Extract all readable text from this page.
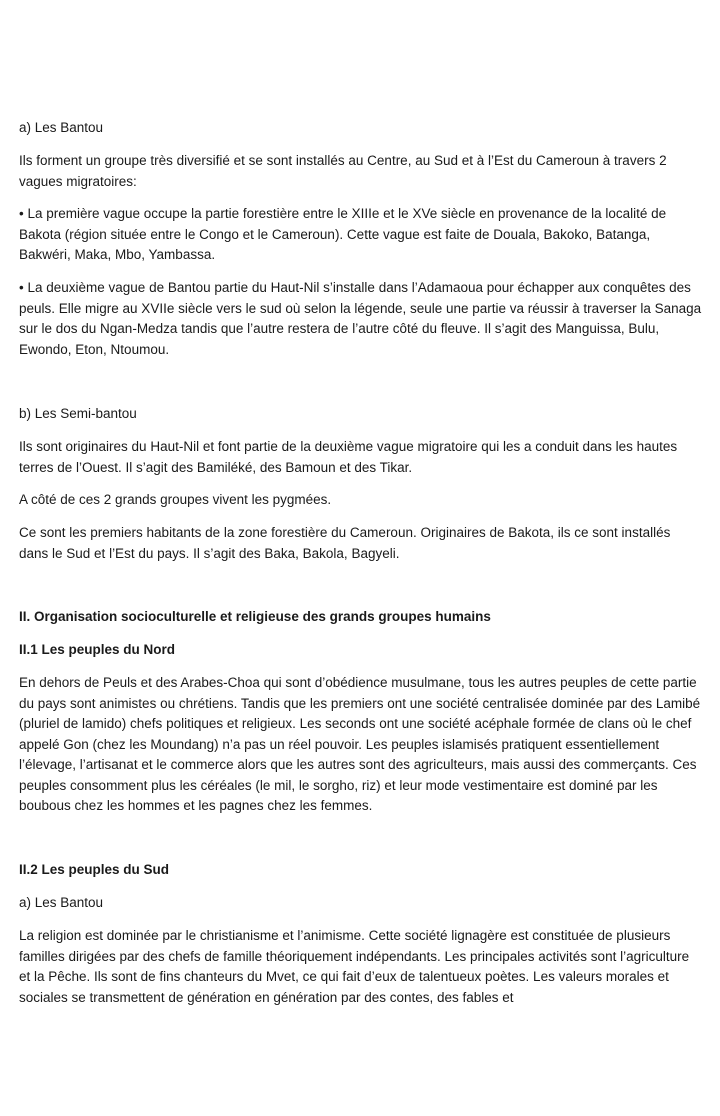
a) Les Bantou

Ils forment un groupe très diversifié et se sont installés au Centre, au Sud et à l’Est du Cameroun à travers 2 vagues migratoires:

• La première vague occupe la partie forestière entre le XIIIe et le XVe siècle en provenance de la localité de Bakota (région située entre le Congo et le Cameroun). Cette vague est faite de Douala, Bakoko, Batanga, Bakwéri, Maka, Mbo, Yambassa.

• La deuxième vague de Bantou partie du Haut-Nil s’installe dans l’Adamaoua pour échapper aux conquêtes des peuls. Elle migre au XVIIe siècle vers le sud où selon la légende, seule une partie va réussir à traverser la Sanaga sur le dos du Ngan-Medza tandis que l’autre restera de l’autre côté du fleuve. Il s’agit des Manguissa, Bulu, Ewondo, Eton, Ntoumou.

b) Les Semi-bantou

Ils sont originaires du Haut-Nil et font partie de la deuxième vague migratoire qui les a conduit dans les hautes terres de l’Ouest. Il s’agit des Bamiléké, des Bamoun et des Tikar.

A côté de ces 2 grands groupes vivent les pygmées.

Ce sont les premiers habitants de la zone forestière du Cameroun. Originaires de Bakota, ils ce sont installés dans le Sud et l’Est du pays. Il s’agit des Baka, Bakola, Bagyeli.

II. Organisation socioculturelle et religieuse des grands groupes humains

II.1 Les peuples du Nord

En dehors de Peuls et des Arabes-Choa qui sont d’obédience musulmane, tous les autres peuples de cette partie du pays sont animistes ou chrétiens. Tandis que les premiers ont une société centralisée dominée par des Lamibé (pluriel de lamido) chefs politiques et religieux. Les seconds ont une société acéphale formée de clans où le chef appelé Gon (chez les Moundang) n’a pas un réel pouvoir. Les peuples islamisés pratiquent essentiellement l’élevage, l’artisanat et le commerce alors que les autres sont des agriculteurs, mais aussi des commerçants. Ces peuples consomment plus les céréales (le mil, le sorgho, riz) et leur mode vestimentaire est dominé par les boubous chez les hommes et les pagnes chez les femmes.

II.2 Les peuples du Sud

a) Les Bantou

La religion est dominée par le christianisme et l’animisme. Cette société lignagère est constituée de plusieurs familles dirigées par des chefs de famille théoriquement indépendants. Les principales activités sont l’agriculture et la Pêche. Ils sont de fins chanteurs du Mvet, ce qui fait d’eux de talentueux poètes. Les valeurs morales et sociales se transmettent de génération en génération par des contes, des fables et
